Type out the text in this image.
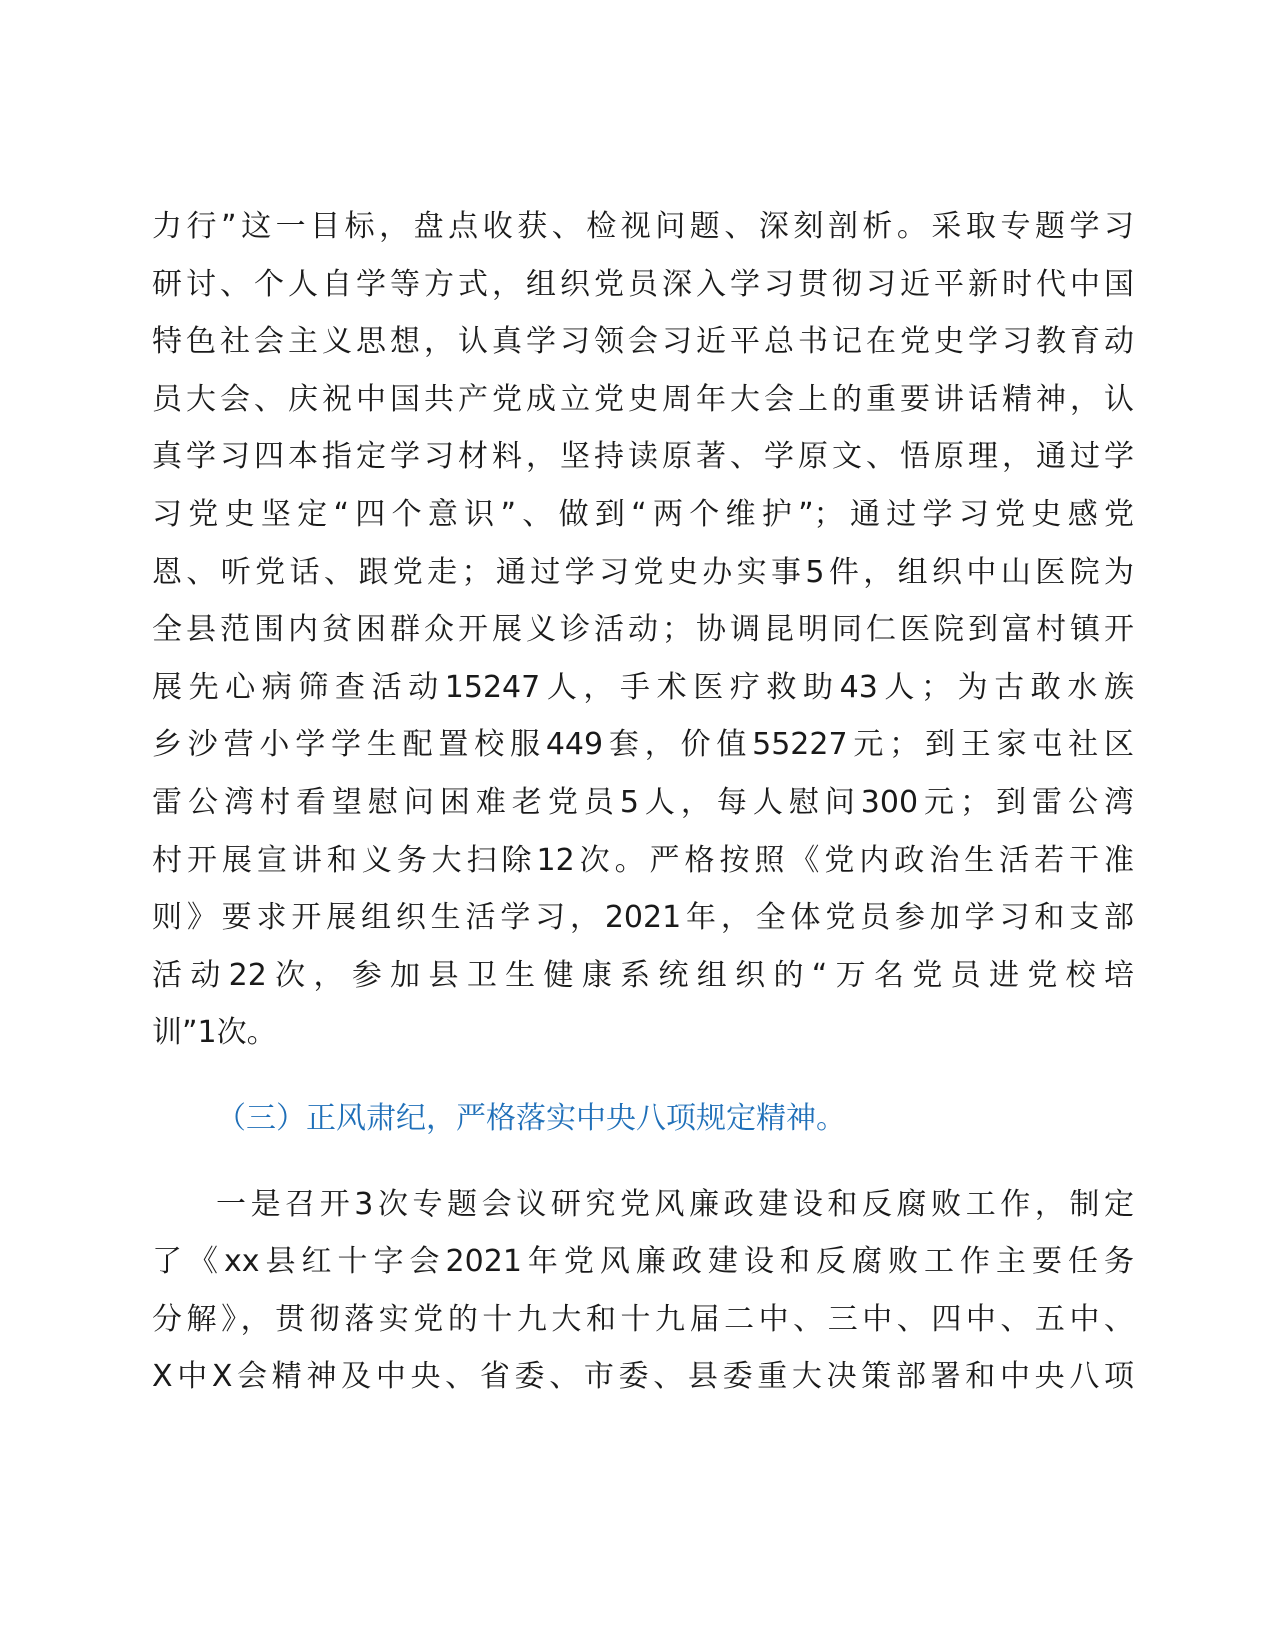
力行”这一目标，盘点收获、检视问题、深刻剖析。采取专题学习
研讨、个人自学等方式，组织党员深入学习贯彻习近平新时代中国
特色社会主义思想，认真学习领会习近平总书记在党史学习教育动
员大会、庆祝中国共产党成立党史周年大会上的重要讲话精神，认
真学习四本指定学习材料，坚持读原著、学原文、悟原理，通过学
习党史坚定“四个意识”、做到“两个维护”；通过学习党史感党
恩、听党话、跟党走；通过学习党史办实事5件，组织中山医院为
全县范围内贫困群众开展义诊活动；协调昆明同仁医院到富村镇开
展先心病筛查活动15247人，手术医疗救助43人；为古敢水族
乡沙营小学学生配置校服449套，价值55227元；到王家屯社区
雷公湾村看望慰问困难老党员5人，每人慰问300元；到雷公湾
村开展宣讲和义务大扫除12次。严格按照《党内政治生活若干准
则》要求开展组织生活学习，2021年，全体党员参加学习和支部
活动22次，参加县卫生健康系统组织的“万名党员进党校培
训”1次。
（三）正风肃纪，严格落实中央八项规定精神。
一是召开3次专题会议研究党风廉政建设和反腐败工作，制定
了《xx县红十字会2021年党风廉政建设和反腐败工作主要任务
分解》，贯彻落实党的十九大和十九届二中、三中、四中、五中、
X中X会精神及中央、省委、市委、县委重大决策部署和中央八项
